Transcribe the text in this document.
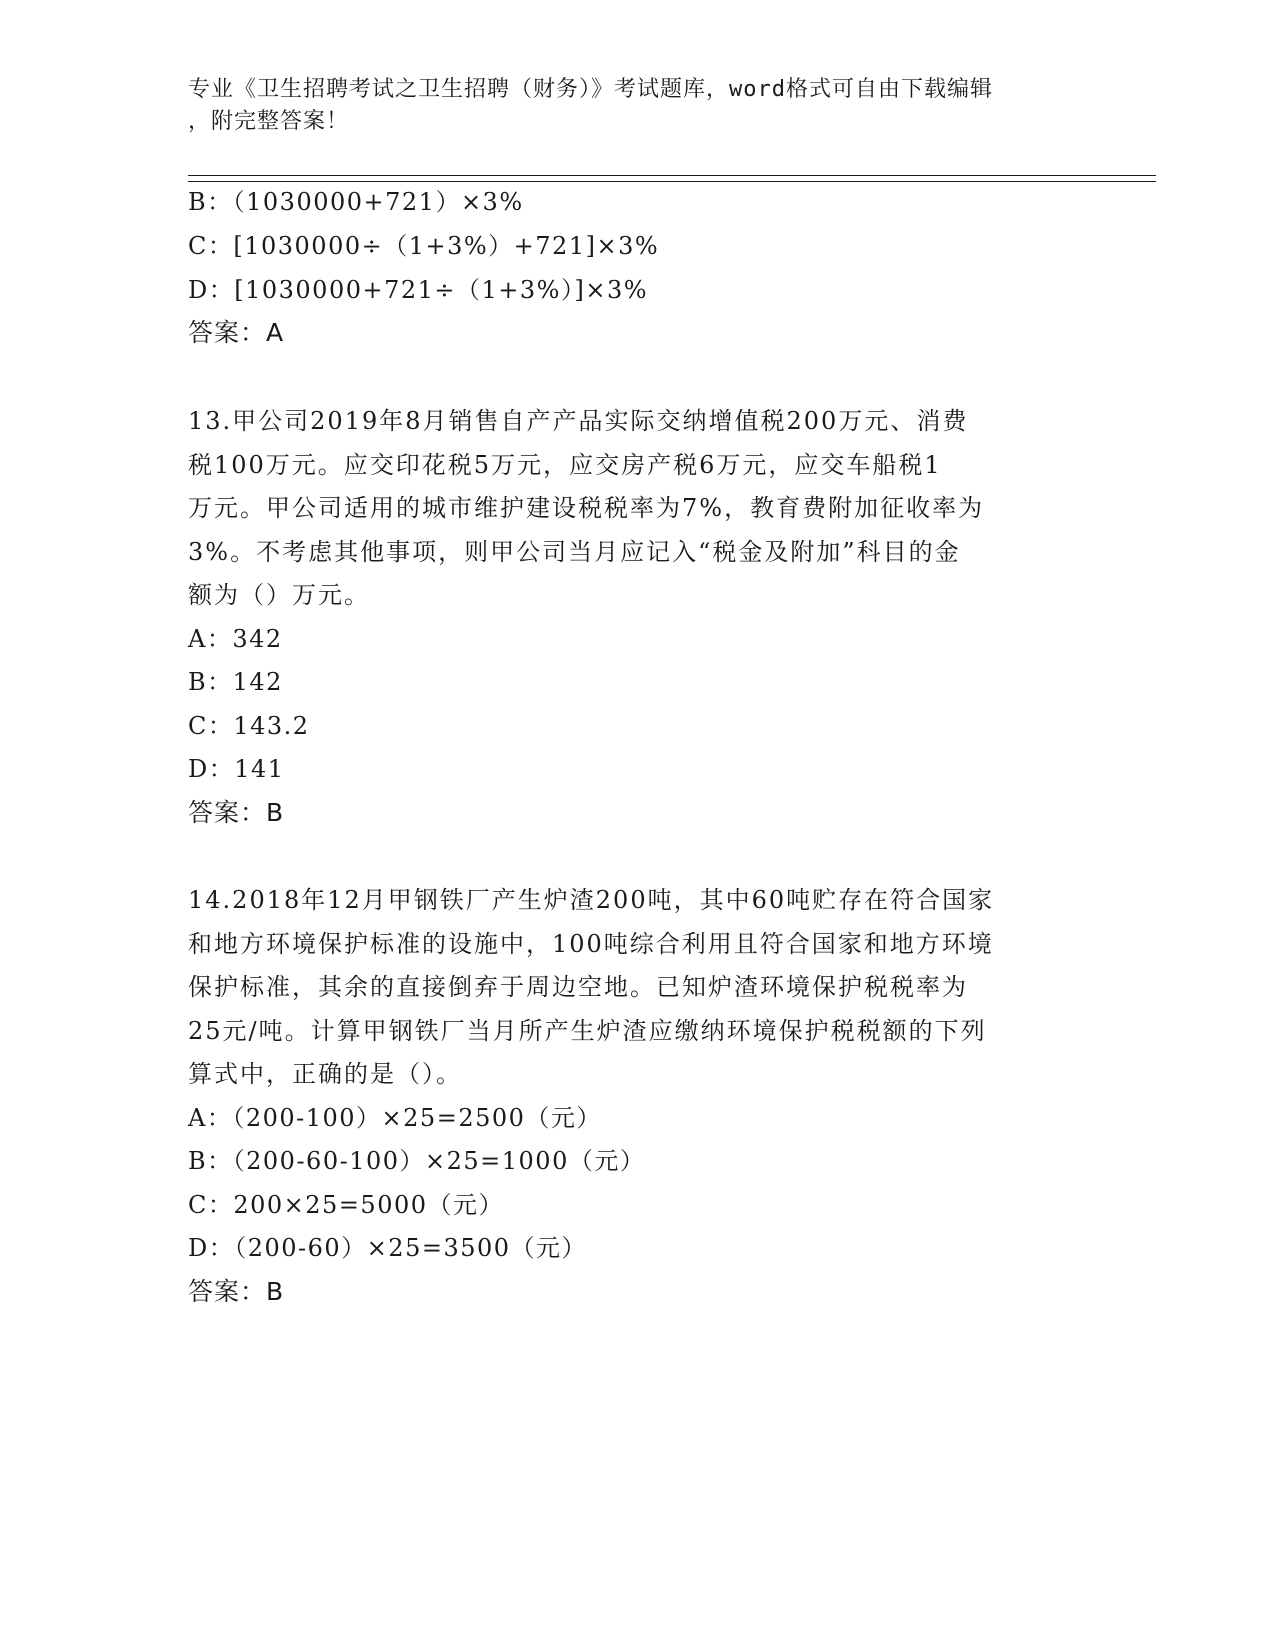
专业《卫生招聘考试之卫生招聘（财务）》考试题库，word格式可自由下载编辑
，附完整答案！
B：（1030000+721）×3%
C：[1030000÷（1+3%）+721]×3%
D：[1030000+721÷（1+3%）]×3%
答案：A
13.甲公司2019年8月销售自产产品实际交纳增值税200万元、消费
税100万元。应交印花税5万元，应交房产税6万元，应交车船税1
万元。甲公司适用的城市维护建设税税率为7%，教育费附加征收率为
3%。不考虑其他事项，则甲公司当月应记入“税金及附加”科目的金
额为（）万元。
A：342
B：142
C：143.2
D：141
答案：B
14.2018年12月甲钢铁厂产生炉渣200吨，其中60吨贮存在符合国家
和地方环境保护标准的设施中，100吨综合利用且符合国家和地方环境
保护标准，其余的直接倒弃于周边空地。已知炉渣环境保护税税率为
25元/吨。计算甲钢铁厂当月所产生炉渣应缴纳环境保护税税额的下列
算式中，正确的是（）。
A：（200-100）×25=2500（元）
B：（200-60-100）×25=1000（元）
C：200×25=5000（元）
D：（200-60）×25=3500（元）
答案：B
